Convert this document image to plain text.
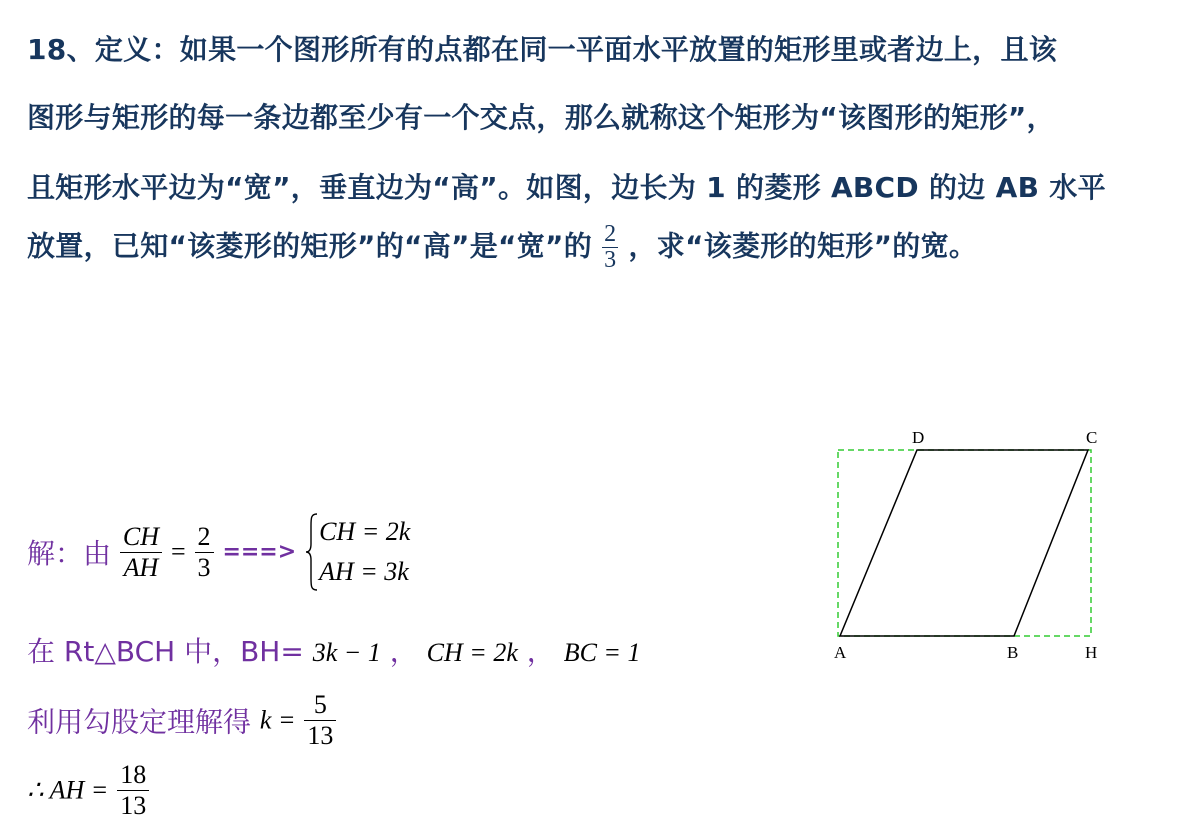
18、定义：如果一个图形所有的点都在同一平面水平放置的矩形里或者边上，且该
图形与矩形的每一条边都至少有一个交点，那么就称这个矩形为“该图形的矩形”，
且矩形水平边为“宽”，垂直边为“高”。如图，边长为 1 的菱形 ABCD 的边 AB 水平
放置，已知“该菱形的矩形”的“高”是“宽”的 $\frac{2}{3}$ ，求“该菱形的矩形”的宽。
解：由 $\frac{CH}{AH} = \frac{2}{3}$ ===>
CH = 2k
AH = 3k
在 Rt△BCH 中，BH= 3k − 1 ， CH = 2k ， BC = 1
利用勾股定理解得 $k = \frac{5}{13}$
∴ AH = $\frac{18}{13}$
A	B	H
C
D
